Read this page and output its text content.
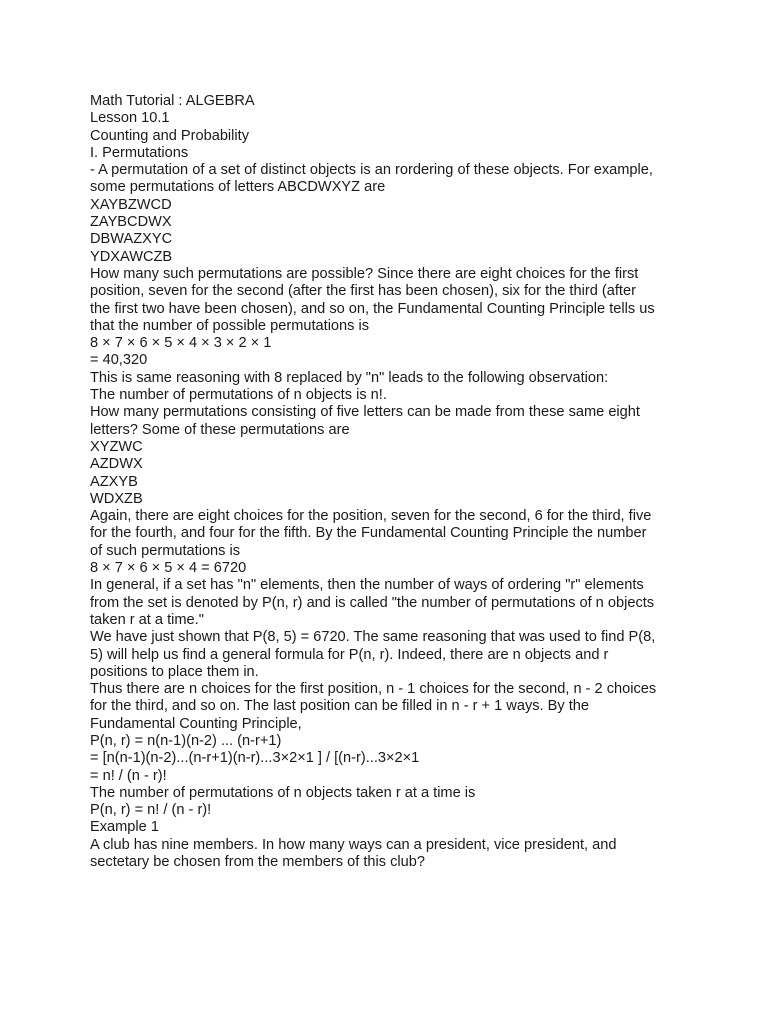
Math Tutorial : ALGEBRA
Lesson 10.1
Counting and Probability
I. Permutations
- A permutation of a set of distinct objects is an rordering of these objects. For example,
some permutations of letters ABCDWXYZ are
XAYBZWCD
ZAYBCDWX
DBWAZXYC
YDXAWCZB
How many such permutations are possible? Since there are eight choices for the first
position, seven for the second (after the first has been chosen), six for the third (after
the first two have been chosen), and so on, the Fundamental Counting Principle tells us
that the number of possible permutations is
8 × 7 × 6 × 5 × 4 × 3 × 2 × 1
= 40,320
This is same reasoning with 8 replaced by "n" leads to the following observation:
The number of permutations of n objects is n!.
How many permutations consisting of five letters can be made from these same eight
letters? Some of these permutations are
XYZWC
AZDWX
AZXYB
WDXZB
Again, there are eight choices for the position, seven for the second, 6 for the third, five
for the fourth, and four for the fifth. By the Fundamental Counting Principle the number
of such permutations is
8 × 7 × 6 × 5 × 4 = 6720
In general, if a set has "n" elements, then the number of ways of ordering "r" elements
from the set is denoted by P(n, r) and is called "the number of permutations of n objects
taken r at a time."
We have just shown that P(8, 5) = 6720. The same reasoning that was used to find P(8,
5) will help us find a general formula for P(n, r). Indeed, there are n objects and r
positions to place them in.
Thus there are n choices for the first position, n - 1 choices for the second, n - 2 choices
for the third, and so on. The last position can be filled in n - r + 1 ways. By the
Fundamental Counting Principle,
P(n, r) = n(n-1)(n-2) ... (n-r+1)
= [n(n-1)(n-2)...(n-r+1)(n-r)...3×2×1 ] / [(n-r)...3×2×1
= n! / (n - r)!
The number of permutations of n objects taken r at a time is
P(n, r) = n! / (n - r)!
Example 1
A club has nine members. In how many ways can a president, vice president, and
sectetary be chosen from the members of this club?
